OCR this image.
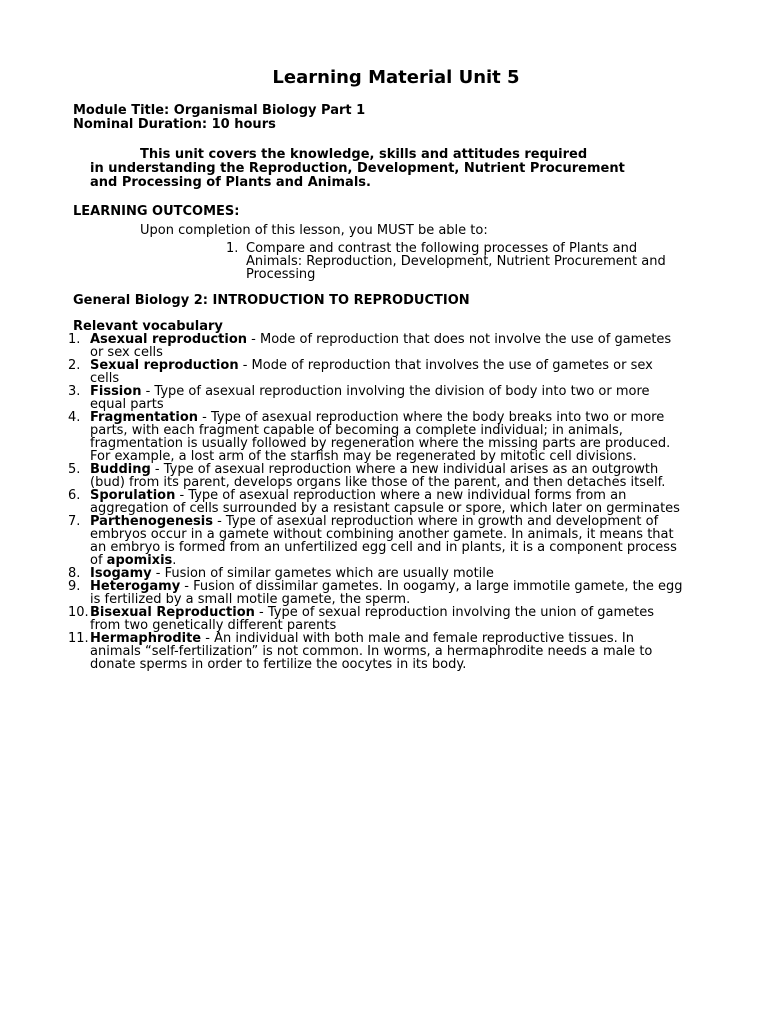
Learning Material Unit 5
Module Title: Organismal Biology Part 1
Nominal Duration: 10 hours
This unit covers the knowledge, skills and attitudes required
in understanding the Reproduction, Development, Nutrient Procurement
and Processing of Plants and Animals.
LEARNING OUTCOMES:
Upon completion of this lesson, you MUST be able to:
1. Compare and contrast the following processes of Plants and Animals: Reproduction, Development, Nutrient Procurement and Processing
General Biology 2: INTRODUCTION TO REPRODUCTION
Relevant vocabulary
1. Asexual reproduction - Mode of reproduction that does not involve the use of gametes or sex cells
2. Sexual reproduction - Mode of reproduction that involves the use of gametes or sex cells
3. Fission - Type of asexual reproduction involving the division of body into two or more equal parts
4. Fragmentation - Type of asexual reproduction where the body breaks into two or more parts, with each fragment capable of becoming a complete individual; in animals, fragmentation is usually followed by regeneration where the missing parts are produced. For example, a lost arm of the starfish may be regenerated by mitotic cell divisions.
5. Budding - Type of asexual reproduction where a new individual arises as an outgrowth (bud) from its parent, develops organs like those of the parent, and then detaches itself.
6. Sporulation - Type of asexual reproduction where a new individual forms from an aggregation of cells surrounded by a resistant capsule or spore, which later on germinates
7. Parthenogenesis - Type of asexual reproduction where in growth and development of embryos occur in a gamete without combining another gamete. In animals, it means that an embryo is formed from an unfertilized egg cell and in plants, it is a component process of apomixis.
8. Isogamy - Fusion of similar gametes which are usually motile
9. Heterogamy - Fusion of dissimilar gametes. In oogamy, a large immotile gamete, the egg is fertilized by a small motile gamete, the sperm.
10. Bisexual Reproduction - Type of sexual reproduction involving the union of gametes from two genetically different parents
11. Hermaphrodite - An individual with both male and female reproductive tissues. In animals “self-fertilization” is not common. In worms, a hermaphrodite needs a male to donate sperms in order to fertilize the oocytes in its body.
